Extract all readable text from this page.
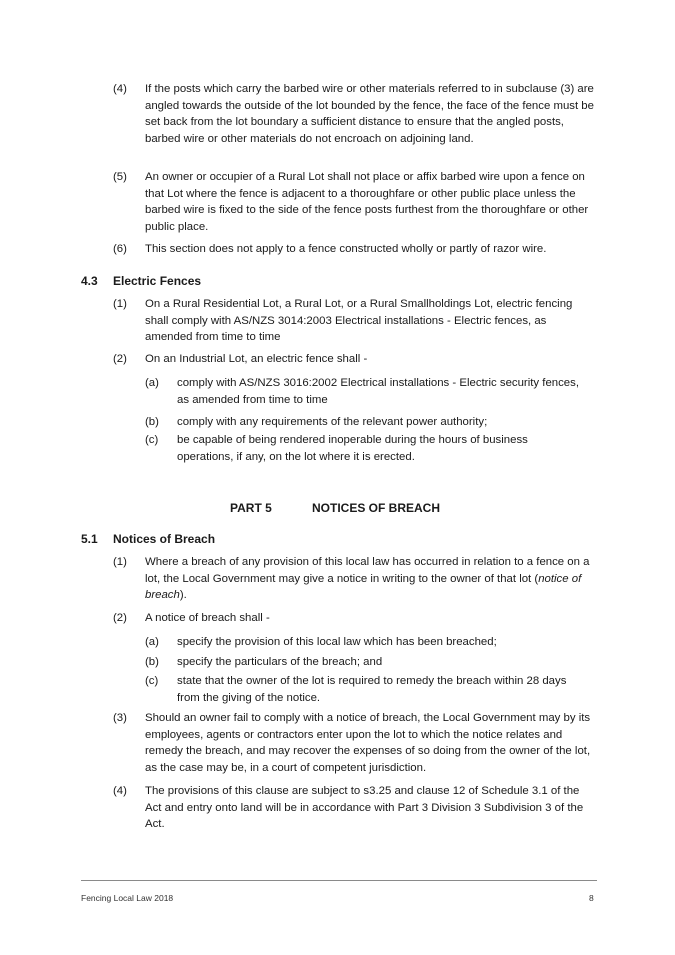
(4) If the posts which carry the barbed wire or other materials referred to in subclause (3) are angled towards the outside of the lot bounded by the fence, the face of the fence must be set back from the lot boundary a sufficient distance to ensure that the angled posts, barbed wire or other materials do not encroach on adjoining land.
(5) An owner or occupier of a Rural Lot shall not place or affix barbed wire upon a fence on that Lot where the fence is adjacent to a thoroughfare or other public place unless the barbed wire is fixed to the side of the fence posts furthest from the thoroughfare or other public place.
(6) This section does not apply to a fence constructed wholly or partly of razor wire.
4.3 Electric Fences
(1) On a Rural Residential Lot, a Rural Lot, or a Rural Smallholdings Lot, electric fencing shall comply with AS/NZS 3014:2003 Electrical installations - Electric fences, as amended from time to time
(2) On an Industrial Lot, an electric fence shall -
(a) comply with AS/NZS 3016:2002 Electrical installations - Electric security fences, as amended from time to time
(b) comply with any requirements of the relevant power authority;
(c) be capable of being rendered inoperable during the hours of business operations, if any, on the lot where it is erected.
PART 5	NOTICES OF BREACH
5.1 Notices of Breach
(1) Where a breach of any provision of this local law has occurred in relation to a fence on a lot, the Local Government may give a notice in writing to the owner of that lot (notice of breach).
(2) A notice of breach shall -
(a) specify the provision of this local law which has been breached;
(b) specify the particulars of the breach; and
(c) state that the owner of the lot is required to remedy the breach within 28 days from the giving of the notice.
(3) Should an owner fail to comply with a notice of breach, the Local Government may by its employees, agents or contractors enter upon the lot to which the notice relates and remedy the breach, and may recover the expenses of so doing from the owner of the lot, as the case may be, in a court of competent jurisdiction.
(4) The provisions of this clause are subject to s3.25 and clause 12 of Schedule 3.1 of the Act and entry onto land will be in accordance with Part 3 Division 3 Subdivision 3 of the Act.
Fencing Local Law 2018	8
